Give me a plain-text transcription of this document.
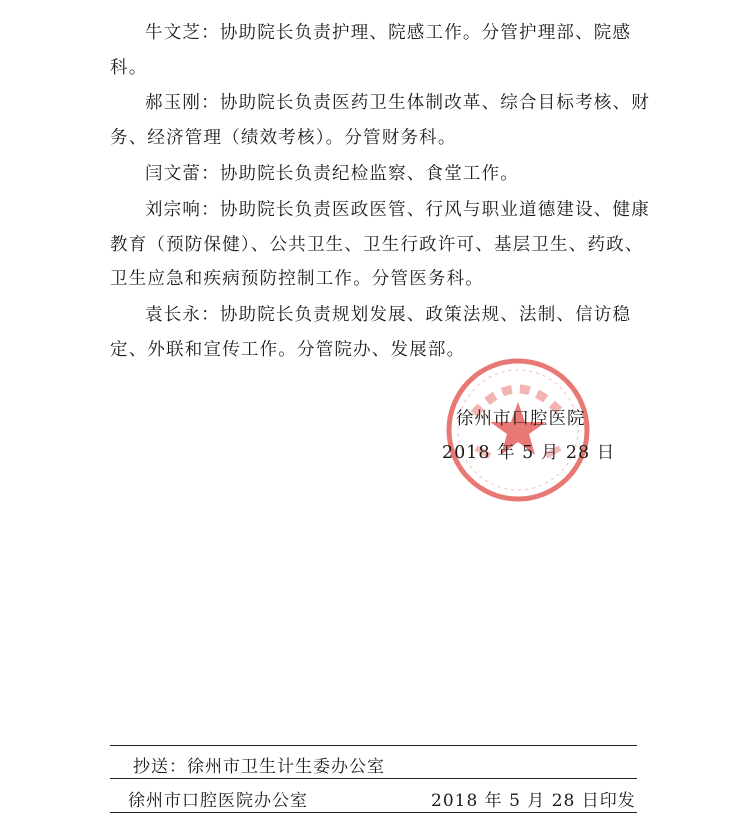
牛文芝：协助院长负责护理、院感工作。分管护理部、院感科。

郝玉刚：协助院长负责医药卫生体制改革、综合目标考核、财务、经济管理（绩效考核）。分管财务科。

闫文蕾：协助院长负责纪检监察、食堂工作。

刘宗响：协助院长负责医政医管、行风与职业道德建设、健康教育（预防保健）、公共卫生、卫生行政许可、基层卫生、药政、卫生应急和疾病预防控制工作。分管医务科。

袁长永：协助院长负责规划发展、政策法规、法制、信访稳定、外联和宣传工作。分管院办、发展部。

徐州市口腔医院
2018 年 5 月 28 日
抄送：徐州市卫生计生委办公室
徐州市口腔医院办公室	2018 年 5 月 28 日印发
